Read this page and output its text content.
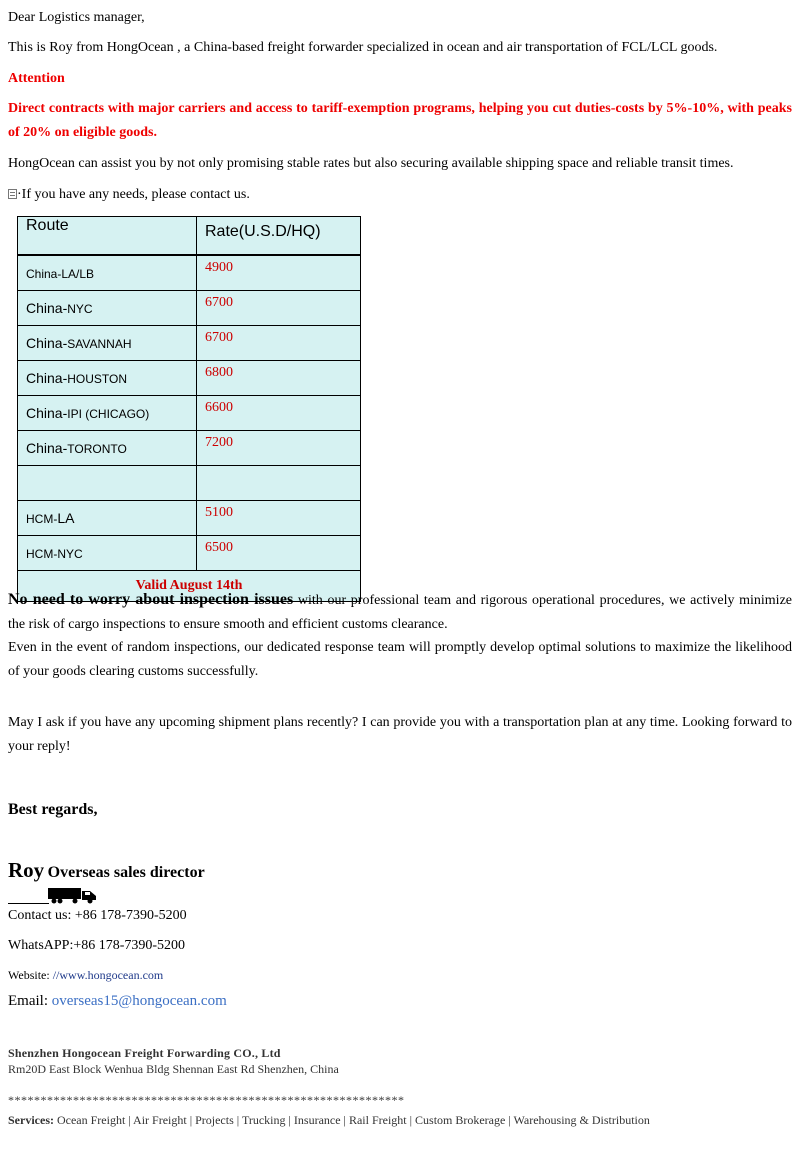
Dear Logistics manager,

This is Roy from HongOcean , a China-based freight forwarder specialized in ocean and air transportation of FCL/LCL goods.

Attention

Direct contracts with major carriers and access to tariff-exemption programs, helping you cut duties-costs by 5%-10%, with peaks of 20% on eligible goods.

HongOcean can assist you by not only promising stable rates but also securing available shipping space and reliable transit times.

·If you have any needs, please contact us.

Route	Rate(U.S.D/HQ)
China-LA/LB	4900
China-NYC	6700
China-SAVANNAH	6700
China-HOUSTON	6800
China-IPI (CHICAGO)	6600
China-TORONTO	7200

HCM-LA	5100
HCM-NYC	6500
Valid August 14th	

No need to worry about inspection issues with our professional team and rigorous operational procedures, we actively minimize the risk of cargo inspections to ensure smooth and efficient customs clearance.

Even in the event of random inspections, our dedicated response team will promptly develop optimal solutions to maximize the likelihood of your goods clearing customs successfully.

May I ask if you have any upcoming shipment plans recently? I can provide you with a transportation plan at any time. Looking forward to your reply!

Best regards,

Roy Overseas sales director

Contact us: +86 178-7390-5200

WhatsAPP:+86 178-7390-5200

Website: //www.hongocean.com

Email: overseas15@hongocean.com

Shenzhen Hongocean Freight Forwarding CO., Ltd

Rm20D East Block Wenhua Bldg Shennan East Rd Shenzhen, China

*************************************************************

Services: Ocean Freight | Air Freight | Projects | Trucking | Insurance | Rail Freight | Custom Brokerage | Warehousing & Distribution
